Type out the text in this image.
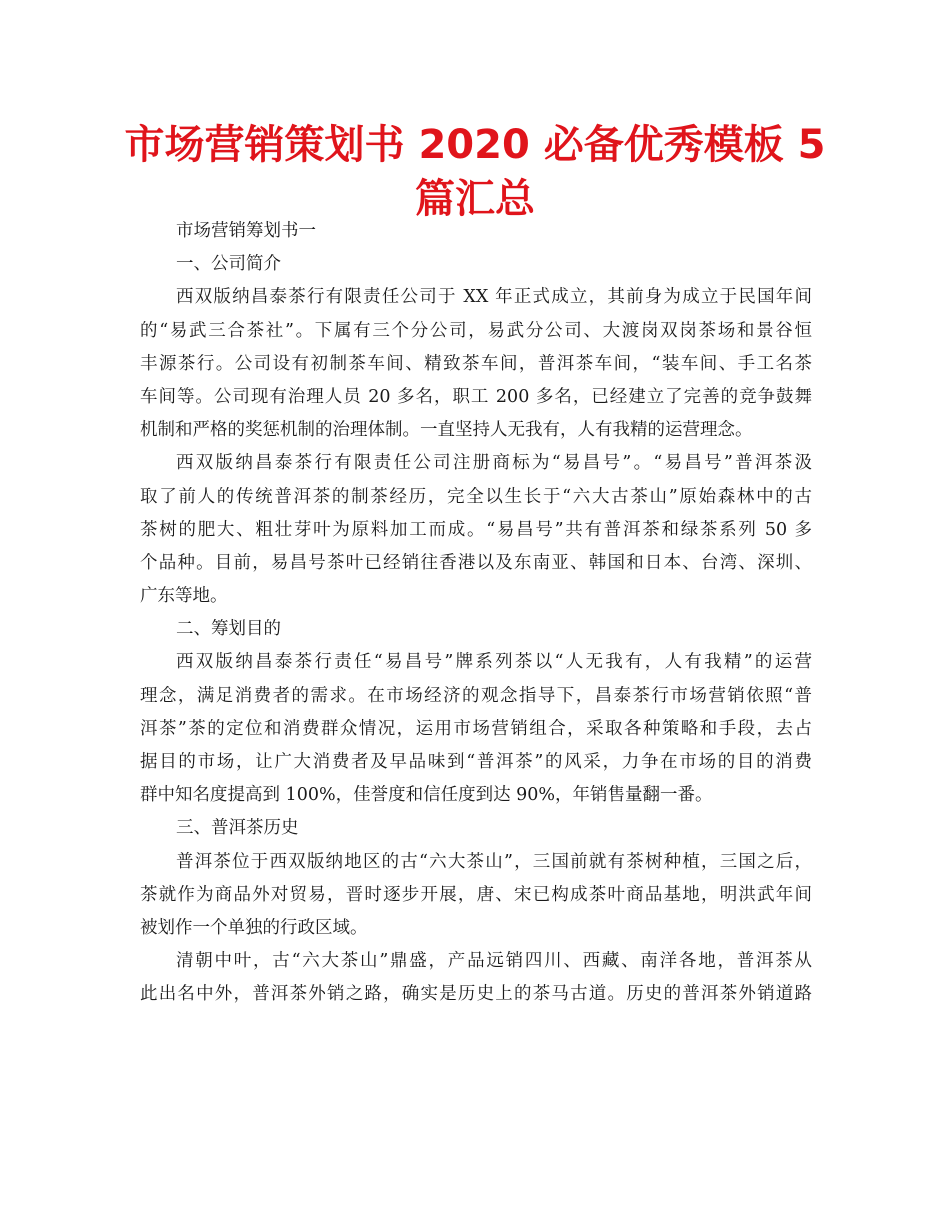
市场营销策划书 2020 必备优秀模板 5 篇汇总
市场营销筹划书一
一、公司简介
西双版纳昌泰茶行有限责任公司于 XX 年正式成立，其前身为成立于民国年间
的“易武三合茶社”。下属有三个分公司，易武分公司、大渡岗双岗茶场和景谷恒
丰源茶行。公司设有初制茶车间、精致茶车间，普洱茶车间，“装车间、手工名茶
车间等。公司现有治理人员 20 多名，职工 200 多名，已经建立了完善的竞争鼓舞
机制和严格的奖惩机制的治理体制。一直坚持人无我有，人有我精的运营理念。
西双版纳昌泰茶行有限责任公司注册商标为“易昌号”。“易昌号”普洱茶汲
取了前人的传统普洱茶的制茶经历，完全以生长于“六大古茶山”原始森林中的古
茶树的肥大、粗壮芽叶为原料加工而成。“易昌号”共有普洱茶和绿茶系列 50 多
个品种。目前，易昌号茶叶已经销往香港以及东南亚、韩国和日本、台湾、深圳、
广东等地。
二、筹划目的
西双版纳昌泰茶行责任“易昌号”牌系列茶以“人无我有，人有我精”的运营
理念，满足消费者的需求。在市场经济的观念指导下，昌泰茶行市场营销依照“普
洱茶”茶的定位和消费群众情况，运用市场营销组合，采取各种策略和手段，去占
据目的市场，让广大消费者及早品味到“普洱茶”的风采，力争在市场的目的消费
群中知名度提高到 100%，佳誉度和信任度到达 90%，年销售量翻一番。
三、普洱茶历史
普洱茶位于西双版纳地区的古“六大茶山”，三国前就有茶树种植，三国之后，
茶就作为商品外对贸易，晋时逐步开展，唐、宋已构成茶叶商品基地，明洪武年间
被划作一个单独的行政区域。
清朝中叶，古“六大茶山”鼎盛，产品远销四川、西藏、南洋各地，普洱茶从
此出名中外，普洱茶外销之路，确实是历史上的茶马古道。历史的普洱茶外销道路
